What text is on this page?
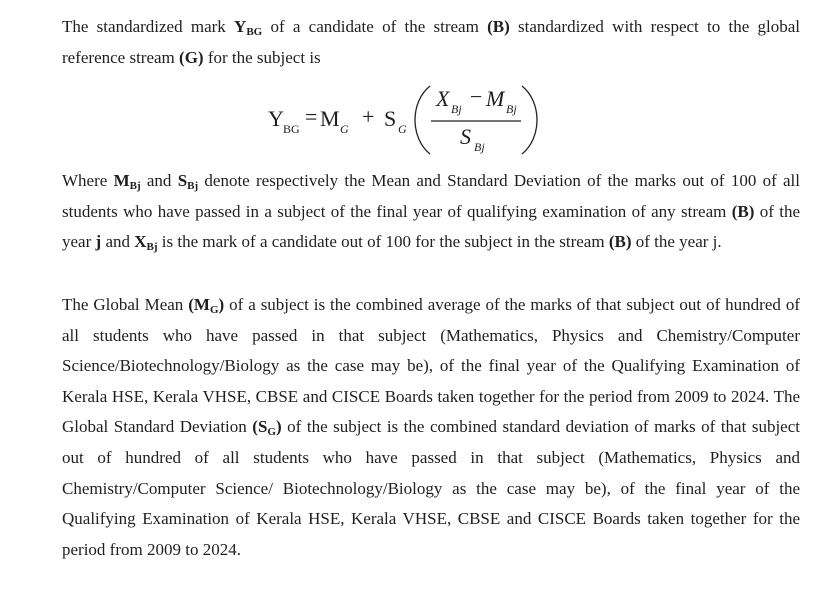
The standardized mark $Y_{BG}$ of a candidate of the stream (B) standardized with respect to the global reference stream (G) for the subject is

Y BG = M G + S G
X Bj − M Bj
S Bj

Where $M_{Bj}$ and $S_{Bj}$ denote respectively the Mean and Standard Deviation of the marks out of 100 of all students who have passed in a subject of the final year of qualifying examination of any stream (B) of the year j and $X_{Bj}$ is the mark of a candidate out of 100 for the subject in the stream (B) of the year j.

The Global Mean $(M_G)$ of a subject is the combined average of the marks of that subject out of hundred of all students who have passed in that subject (Mathematics, Physics and Chemistry/Computer Science/Biotechnology/Biology as the case may be), of the final year of the Qualifying Examination of Kerala HSE, Kerala VHSE, CBSE and CISCE Boards taken together for the period from 2009 to 2024. The Global Standard Deviation $(S_G)$ of the subject is the combined standard deviation of marks of that subject out of hundred of all students who have passed in that subject (Mathematics, Physics and Chemistry/Computer Science/ Biotechnology/Biology as the case may be), of the final year of the Qualifying Examination of Kerala HSE, Kerala VHSE, CBSE and CISCE Boards taken together for the period from 2009 to 2024.
